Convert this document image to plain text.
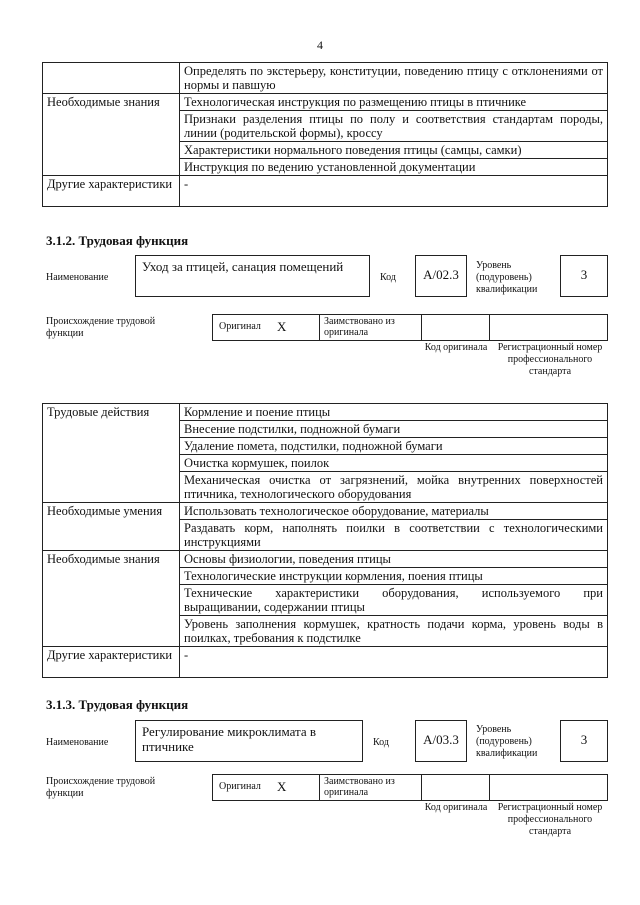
4
	Определять по экстерьеру, конституции, поведению птицу с отклонениями от нормы и павшую
Необходимые знания	Технологическая инструкция по размещению птицы в птичнике
	Признаки разделения птицы по полу и соответствия стандартам породы, линии (родительской формы), кроссу
	Характеристики нормального поведения птицы (самцы, самки)
	Инструкция по ведению установленной документации
Другие характеристики	-
3.1.2. Трудовая функция
Наименование
Уход за птицей, санация помещений
Код	А/02.3
Уровень (подуровень) квалификации
3
Происхождение трудовой функции
Оригинал X	Заимствовано из оригинала
Код оригинала	Регистрационный номер профессионального стандарта
Трудовые действия	Кормление и поение птицы
	Внесение подстилки, подножной бумаги
	Удаление помета, подстилки, подножной бумаги
	Очистка кормушек, поилок
	Механическая очистка от загрязнений, мойка внутренних поверхностей птичника, технологического оборудования
Необходимые умения	Использовать технологическое оборудование, материалы
	Раздавать корм, наполнять поилки в соответствии с технологическими инструкциями
Необходимые знания	Основы физиологии, поведения птицы
	Технологические инструкции кормления, поения птицы
	Технические характеристики оборудования, используемого при выращивании, содержании птицы
	Уровень заполнения кормушек, кратность подачи корма, уровень воды в поилках, требования к подстилке
Другие характеристики	-
3.1.3. Трудовая функция
Наименование
Регулирование микроклимата в птичнике	Код	А/03.3
Уровень (подуровень) квалификации
3
Происхождение трудовой функции
Оригинал X	Заимствовано из оригинала
Код оригинала	Регистрационный номер профессионального стандарта
